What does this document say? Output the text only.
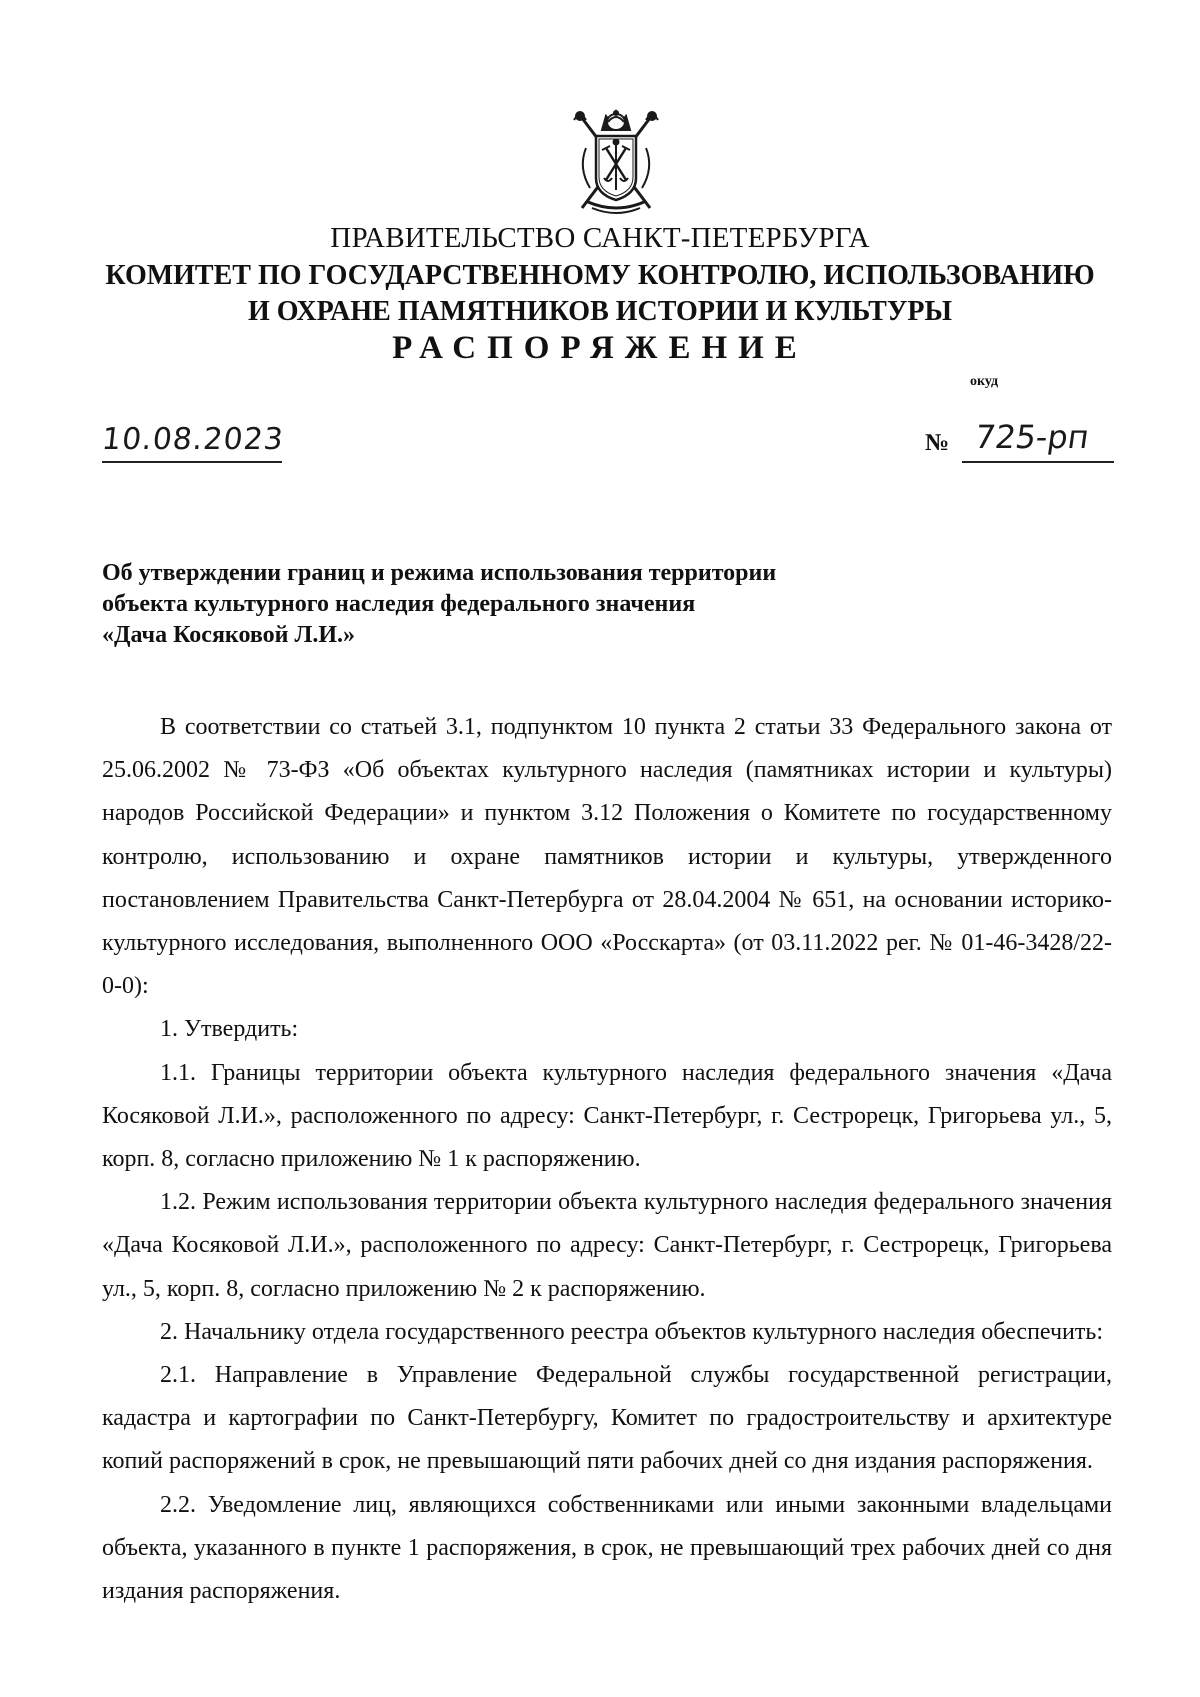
ПРАВИТЕЛЬСТВО САНКТ-ПЕТЕРБУРГА
КОМИТЕТ ПО ГОСУДАРСТВЕННОМУ КОНТРОЛЮ, ИСПОЛЬЗОВАНИЮ
И ОХРАНЕ ПАМЯТНИКОВ ИСТОРИИ И КУЛЬТУРЫ
РАСПОРЯЖЕНИЕ
окуд
10.08.2023	№ 725-рп
Об утверждении границ и режима использования территории
объекта культурного наследия федерального значения
«Дача Косяковой Л.И.»

В соответствии со статьей 3.1, подпунктом 10 пункта 2 статьи 33 Федерального закона от 25.06.2002 № 73-ФЗ «Об объектах культурного наследия (памятниках истории и культуры) народов Российской Федерации» и пунктом 3.12 Положения о Комитете по государственному контролю, использованию и охране памятников истории и культуры, утвержденного постановлением Правительства Санкт-Петербурга от 28.04.2004 № 651, на основании историко-культурного исследования, выполненного ООО «Росскарта» (от 03.11.2022 рег. № 01-46-3428/22-0-0):

1. Утвердить:

1.1. Границы территории объекта культурного наследия федерального значения «Дача Косяковой Л.И.», расположенного по адресу: Санкт-Петербург, г. Сестрорецк, Григорьева ул., 5, корп. 8, согласно приложению № 1 к распоряжению.

1.2. Режим использования территории объекта культурного наследия федерального значения «Дача Косяковой Л.И.», расположенного по адресу: Санкт-Петербург, г. Сестрорецк, Григорьева ул., 5, корп. 8, согласно приложению № 2 к распоряжению.

2. Начальнику отдела государственного реестра объектов культурного наследия обеспечить:

2.1. Направление в Управление Федеральной службы государственной регистрации, кадастра и картографии по Санкт-Петербургу, Комитет по градостроительству и архитектуре копий распоряжений в срок, не превышающий пяти рабочих дней со дня издания распоряжения.

2.2. Уведомление лиц, являющихся собственниками или иными законными владельцами объекта, указанного в пункте 1 распоряжения, в срок, не превышающий трех рабочих дней со дня издания распоряжения.
